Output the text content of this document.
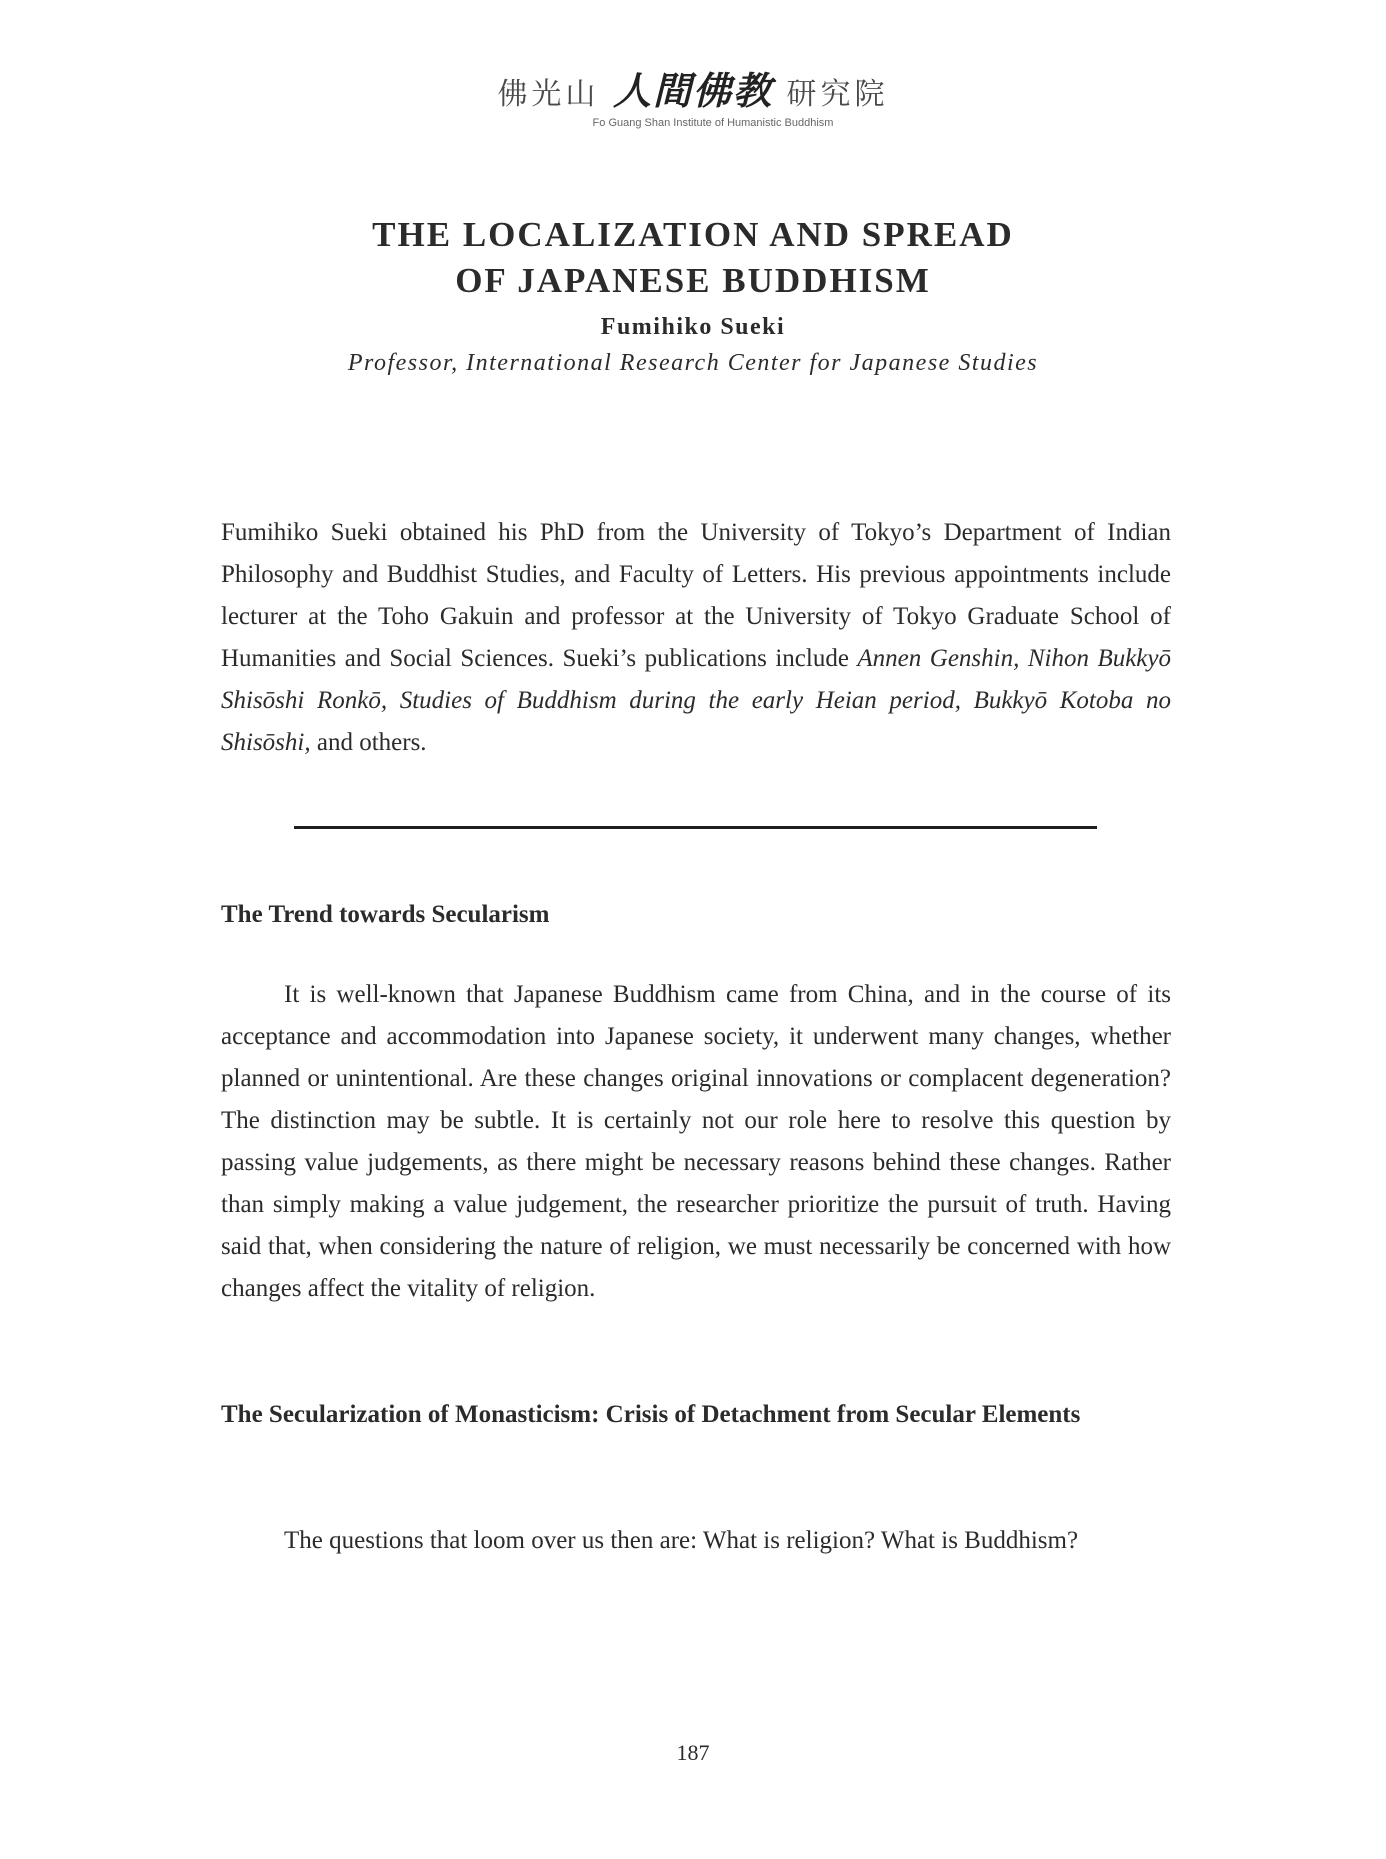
佛光山 人間佛教 研究院
Fo Guang Shan Institute of Humanistic Buddhism
THE LOCALIZATION AND SPREAD
OF JAPANESE BUDDHISM
Fumihiko Sueki
Professor, International Research Center for Japanese Studies

Fumihiko Sueki obtained his PhD from the University of Tokyo’s Department of Indian Philosophy and Buddhist Studies, and Faculty of Letters. His previous appointments include lecturer at the Toho Gakuin and professor at the University of Tokyo Graduate School of Humanities and Social Sciences. Sueki’s publications include Annen Genshin, Nihon Bukkyō Shisōshi Ronkō, Studies of Buddhism during the early Heian period, Bukkyō Kotoba no Shisōshi, and others.

The Trend towards Secularism

It is well-known that Japanese Buddhism came from China, and in the course of its acceptance and accommodation into Japanese society, it underwent many changes, whether planned or unintentional. Are these changes original innovations or complacent degeneration? The distinction may be subtle. It is certainly not our role here to resolve this question by passing value judgements, as there might be necessary reasons behind these changes. Rather than simply making a value judgement, the researcher prioritize the pursuit of truth. Having said that, when considering the nature of religion, we must necessarily be concerned with how changes affect the vitality of religion.

The Secularization of Monasticism: Crisis of Detachment from Secular Elements

The questions that loom over us then are: What is religion? What is Buddhism?

187
